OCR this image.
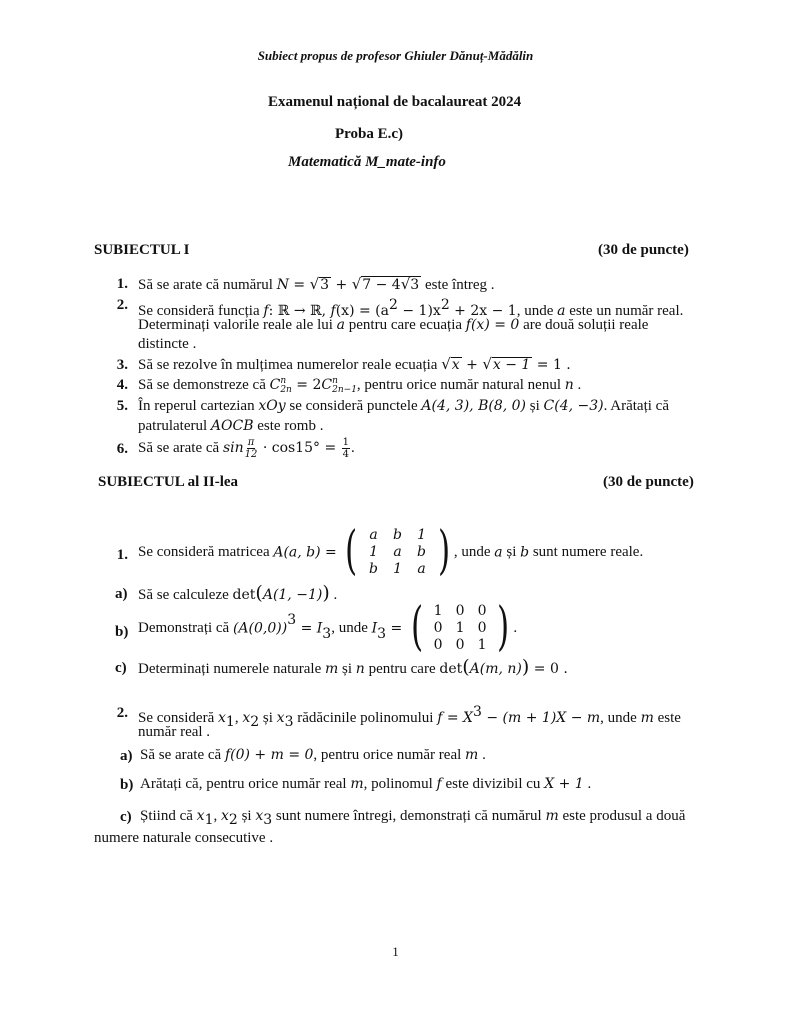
Subiect propus de profesor Ghiuler Dănuț-Mădălin
Examenul național de bacalaureat 2024
Proba E.c)
Matematică M_mate-info
SUBIECTUL I	(30 de puncte)
1. Să se arate că numărul N = √3 + √7 − 4√3 este întreg .
2. Se consideră funcția f: ℝ → ℝ, $f(x) = (a^2 - 1)x^2 + 2x - 1$, unde a este un număr real.
Determinați valorile reale ale lui a pentru care ecuația f(x) = 0 are două soluții reale
distincte .
3. Să se rezolve în mulțimea numerelor reale ecuația √x + √x − 1 = 1 .
4. Să se demonstreze că C n
2n = 2C n
2n−1 , pentru orice număr natural nenul n .
5. În reperul cartezian xOy se consideră punctele A(4, 3), B(8, 0) și C(4, −3). Arătați că
patrulaterul AOCB este romb .
6. Să se arate că $\sin \frac{\pi}{12} \cdot \cos 15^\circ = \frac{1}{4}$ .
SUBIECTUL al II-lea	(30 de puncte)
1. Se consideră matricea A(a, b) = ( a	b	1
1	a	b
b	1	a ) , unde a și b sunt numere reale.
a) Să se calculeze det(A(1, −1)) .
b) Demonstrați că $(A(0,0))^3 = I_3$, unde $I_3$ = ( 1 0 0
0 1 0
0 0 1 ) .
c) Determinați numerele naturale m și n pentru care det(A(m, n)) = 0 .
2. Se consideră $x_1$, $x_2$ și $x_3$ rădăcinile polinomului $f = X^3 - (m + 1)X - m$, unde m este
număr real .
a) Să se arate că f(0) + m = 0, pentru orice număr real m .
b) Arătați că, pentru orice număr real m, polinomul f este divizibil cu X + 1 .
c) Știind că $x_1$, $x_2$ și $x_3$ sunt numere întregi, demonstrați că numărul m este produsul a două
numere naturale consecutive .
1
